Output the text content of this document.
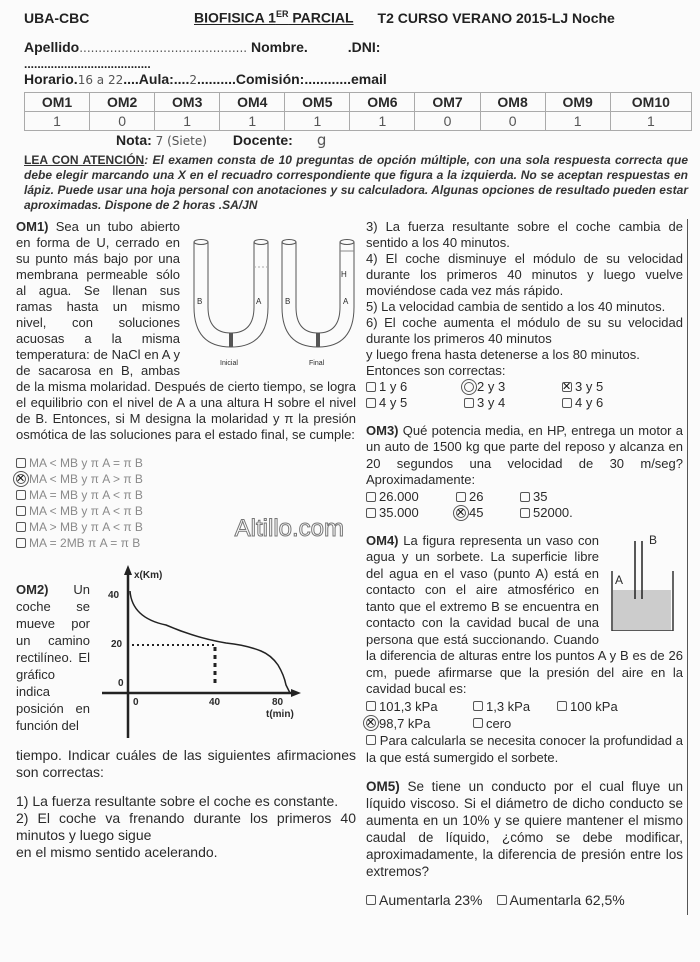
UBA-CBC	BIOFISICA 1ER PARCIAL T2 CURSO VERANO 2015-LJ Noche
Apellido ............................................
Nombre.	.DNI:
......................................
Horario. 16 a 22 .... Aula: .... 2 .......... Comisión:............ email
OM1	OM2	OM3	OM4	OM5	OM6	OM7	OM8	OM9	OM10
1	0	1	1	1	1	0	0	1	1
Nota:
7 (Siete) Docente: g
LEA CON ATENCIÓN: El examen consta de 10 preguntas de opción múltiple, con una sola respuesta correcta que debe elegir marcando una X en el recuadro correspondiente que figura a la izquierda. No se aceptan respuestas en lápiz. Puede usar una hoja personal con anotaciones y su calculadora. Algunas opciones de resultado pueden estar aproximadas. Dispone de 2 horas .SA/JN
B	A	B	A
H
Inicial	Final
OM1) Sea un tubo abierto en forma de U, cerrado en su punto más bajo por una membrana permeable sólo al agua. Se llenan sus ramas hasta un mismo nivel, con soluciones acuosas a la misma temperatura: de NaCl en A y de sacarosa en B, ambas de la misma molaridad. Después de cierto tiempo, se logra el equilibrio con el nivel de A a una altura H sobre el nivel de B. Entonces, si M designa la molaridad y π la presión osmótica de las soluciones para el estado final, se cumple:
MA < MB y π A = π B
✕
MA < MB y π A > π B
MA = MB y π A < π B
MA < MB y π A < π B
MA > MB y π A < π B
MA = 2MB π A = π B
Altillo.com
OM2) Un coche se mueve por un camino rectilíneo. El gráfico indica posición en función del
x(Km)
40
20
0
0	40	80
t(min)
tiempo. Indicar cuáles de las siguientes afirmaciones son correctas:
1) La fuerza resultante sobre el coche es constante.
2) El coche va frenando durante los primeros 40 minutos y luego sigue
en el mismo sentido acelerando.
3) La fuerza resultante sobre el coche cambia de sentido a los 40 minutos.
4) El coche disminuye el módulo de su velocidad durante los primeros 40 minutos y luego vuelve moviéndose cada vez más rápido.
5) La velocidad cambia de sentido a los 40 minutos.
6) El coche aumenta el módulo de su su velocidad durante los primeros 40 minutos
y luego frena hasta detenerse a los 80 minutos.
Entonces son correctas:
1 y 6	2 y 3 ✕	3 y 5
4 y 5	3 y 4	4 y 6
OM3) Qué potencia media, en HP, entrega un motor a un auto de 1500 kg que parte del reposo y alcanza en 20 segundos una velocidad de 30 m/seg? Aproximadamente:
26.000	26	35
35.000 ✕	45	52000.
A
B
OM4) La figura representa un vaso con agua y un sorbete. La superficie libre del agua en el vaso (punto A) está en contacto con el aire atmosférico en tanto que el extremo B se encuentra en contacto con la cavidad bucal de una persona que está succionando. Cuando la diferencia de alturas entre los puntos A y B es de 26 cm, puede afirmarse que la presión del aire en la cavidad bucal es:
101,3 kPa	1,3 kPa	100 kPa
✕
98,7 kPa	cero
Para calcularla se necesita conocer la profundidad a la que está sumergido el sorbete.
OM5) Se tiene un conducto por el cual fluye un líquido viscoso. Si el diámetro de dicho conducto se aumenta en un 10% y se quiere mantener el mismo caudal de líquido, ¿cómo se debe modificar, aproximadamente, la diferencia de presión entre los extremos?
Aumentarla 23% Aumentarla 62,5%
